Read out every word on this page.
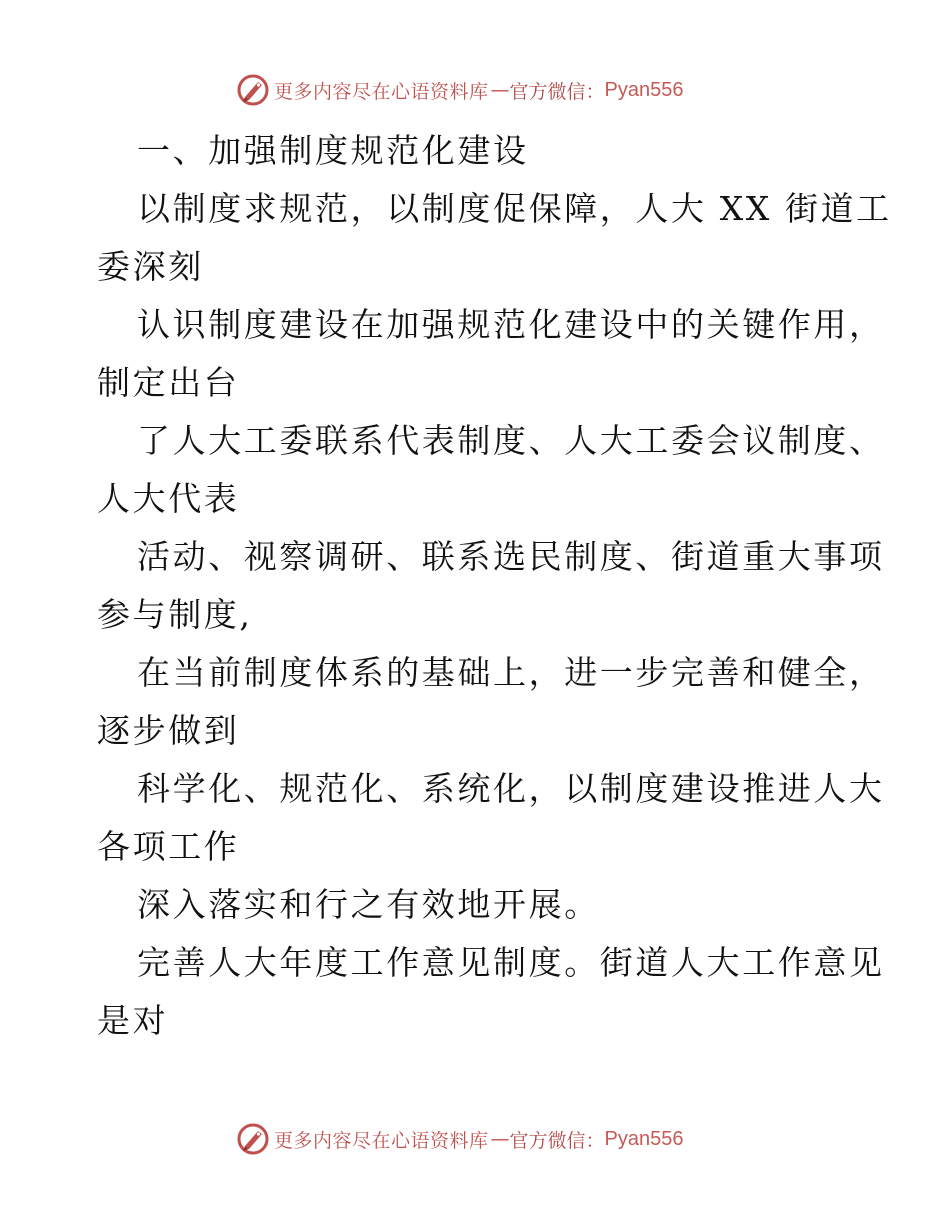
更多内容尽在心语资料库 — 官方微信： Pyan556
一、加强制度规范化建设
以制度求规范，以制度促保障，人大 XX 街道工
委深刻
认识制度建设在加强规范化建设中的关键作用，
制定出台
了人大工委联系代表制度、人大工委会议制度、
人大代表
活动、视察调研、联系选民制度、街道重大事项
参与制度,
在当前制度体系的基础上，进一步完善和健全，
逐步做到
科学化、规范化、系统化，以制度建设推进人大
各项工作
深入落实和行之有效地开展。
完善人大年度工作意见制度。街道人大工作意见
是对
更多内容尽在心语资料库 — 官方微信： Pyan556
